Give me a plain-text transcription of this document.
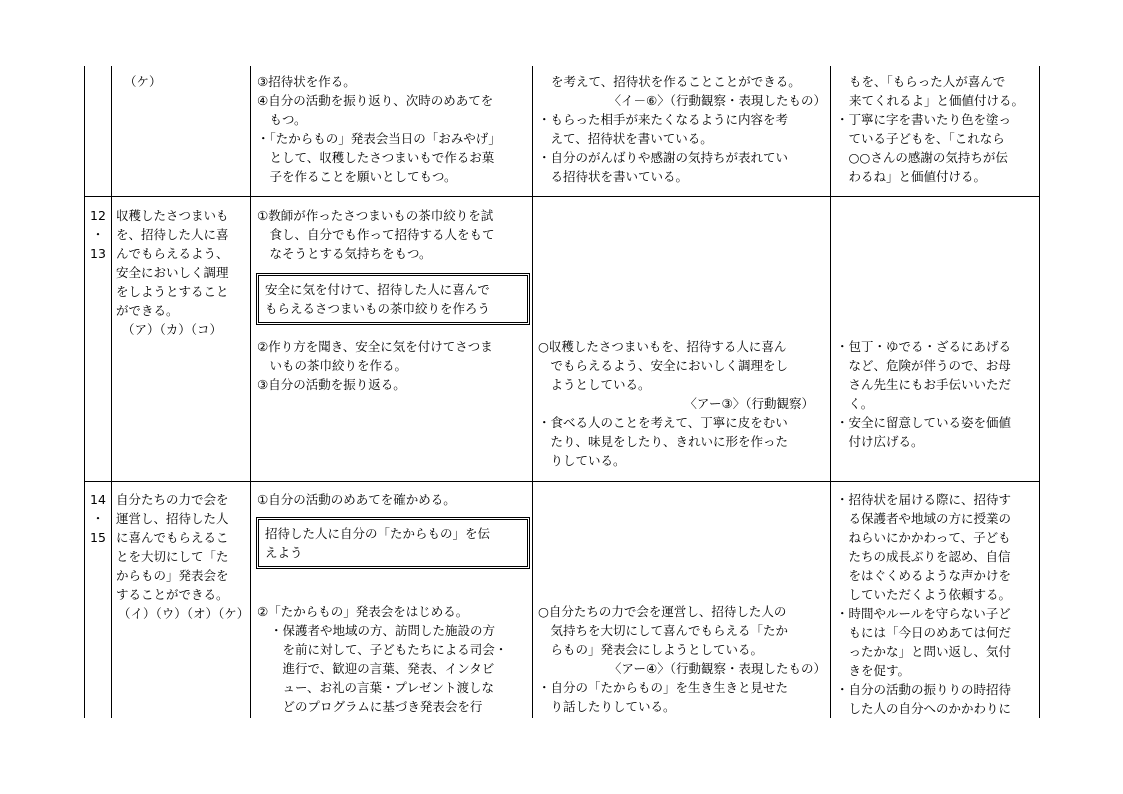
（ケ）	③招待状を作る。
④自分の活動を振り返り、次時のめあてを
　もつ。
・「たからもの」発表会当日の「おみやげ」
　として、収穫したさつまいもで作るお菓
　子を作ることを願いとしてもつ。
を考えて、招待状を作ることことができる。
〈イ－⑥〉（行動観察・表現したもの）
・もらった相手が来たくなるように内容を考
　えて、招待状を書いている。
・自分のがんばりや感謝の気持ちが表れてい
　る招待状を書いている。
もを、「もらった人が喜んで
来てくれるよ」と価値付ける。
・丁寧に字を書いたり色を塗っ
　ている子どもを、「これなら
　○○さんの感謝の気持ちが伝
　わるね」と価値付ける。
12
・
13
収穫したさつまいも
を、招待した人に喜
んでもらえるよう、
安全においしく調理
をしようとすること
ができる。
（ア）（カ）（コ）
①教師が作ったさつまいもの茶巾絞りを試
　食し、自分でも作って招待する人をもて
　なそうとする気持ちをもつ。
安全に気を付けて、招待した人に喜んで
もらえるさつまいもの茶巾絞りを作ろう
②作り方を聞き、安全に気を付けてさつま
　いもの茶巾絞りを作る。
③自分の活動を振り返る。
○収穫したさつまいもを、招待する人に喜ん
　でもらえるよう、安全においしく調理をし
　ようとしている。
〈アー③〉（行動観察）
・食べる人のことを考えて、丁寧に皮をむい
　たり、味見をしたり、きれいに形を作った
　りしている。
・包丁・ゆでる・ざるにあげる
　など、危険が伴うので、お母
　さん先生にもお手伝いいただ
　く。
・安全に留意している姿を価値
　付け広げる。
14
・
15
自分たちの力で会を
運営し、招待した人
に喜んでもらえるこ
とを大切にして「た
からもの」発表会を
することができる。
（イ）（ウ）（オ）（ケ）
①自分の活動のめあてを確かめる。
招待した人に自分の「たからもの」を伝
えよう
②「たからもの」発表会をはじめる。
・保護者や地域の方、訪問した施設の方
　を前に対して、子どもたちによる司会・
　進行で、歓迎の言葉、発表、インタビ
　ュー、お礼の言葉・プレゼント渡しな
　どのプログラムに基づき発表会を行
○自分たちの力で会を運営し、招待した人の
　気持ちを大切にして喜んでもらえる「たか
　らもの」発表会にしようとしている。
〈アー④〉（行動観察・表現したもの）
・自分の「たからもの」を生き生きと見せた
　り話したりしている。
・招待状を届ける際に、招待す
　る保護者や地域の方に授業の
　ねらいにかかわって、子ども
　たちの成長ぶりを認め、自信
　をはぐくめるような声かけを
　していただくよう依頼する。
・時間やルールを守らない子ど
　もには「今日のめあては何だ
　ったかな」と問い返し、気付
　きを促す。
・自分の活動の振りりの時招待
　した人の自分へのかかわりに
